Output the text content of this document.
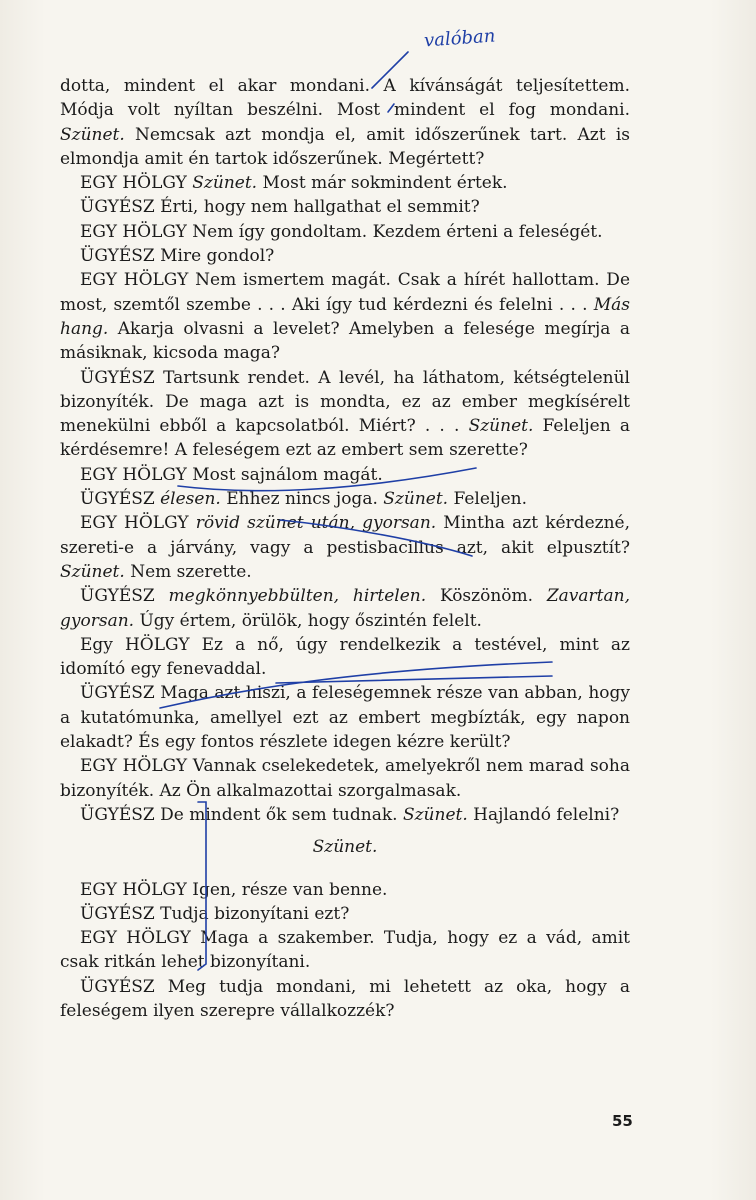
valóban

dotta, mindent el akar mondani. A kívánságát teljesítettem. Módja volt nyíltan beszélni. Most mindent el fog mondani. Szünet. Nemcsak azt mondja el, amit időszerűnek tart. Azt is elmondja amit én tartok időszerűnek. Megértett?

EGY HÖLGY Szünet. Most már sokmindent értek.

ÜGYÉSZ Érti, hogy nem hallgathat el semmit?

EGY HÖLGY Nem így gondoltam. Kezdem érteni a feleségét.

ÜGYÉSZ Mire gondol?

EGY HÖLGY Nem ismertem magát. Csak a hírét hallottam. De most, szemtől szembe . . . Aki így tud kérdezni és felelni . . . Más hang. Akarja olvasni a levelet? Amelyben a felesége megírja a másiknak, kicsoda maga?

ÜGYÉSZ Tartsunk rendet. A levél, ha láthatom, kétségtelenül bizonyíték. De maga azt is mondta, ez az ember megkísérelt menekülni ebből a kapcsolatból. Miért? . . . Szünet. Feleljen a kérdésemre! A feleségem ezt az embert sem szerette?

EGY HÖLGY Most sajnálom magát.

ÜGYÉSZ élesen. Ehhez nincs joga. Szünet. Feleljen.

EGY HÖLGY rövid szünet után, gyorsan. Mintha azt kérdezné, szereti-e a járvány, vagy a pestisbacillus azt, akit elpusztít? Szünet. Nem szerette.

ÜGYÉSZ megkönnyebbülten, hirtelen. Köszönöm. Zavartan, gyorsan. Úgy értem, örülök, hogy őszintén felelt.

Egy HÖLGY Ez a nő, úgy rendelkezik a testével, mint az idomító egy fenevaddal.

ÜGYÉSZ Maga azt hiszi, a feleségemnek része van abban, hogy a kutatómunka, amellyel ezt az embert megbízták, egy napon elakadt? És egy fontos részlete idegen kézre került?

EGY HÖLGY Vannak cselekedetek, amelyekről nem marad soha bizonyíték. Az Ön alkalmazottai szorgalmasak.

ÜGYÉSZ De mindent ők sem tudnak. Szünet. Hajlandó felelni?

Szünet.

EGY HÖLGY Igen, része van benne.

ÜGYÉSZ Tudja bizonyítani ezt?

EGY HÖLGY Maga a szakember. Tudja, hogy ez a vád, amit csak ritkán lehet bizonyítani.

ÜGYÉSZ Meg tudja mondani, mi lehetett az oka, hogy a feleségem ilyen szerepre vállalkozzék?

55
